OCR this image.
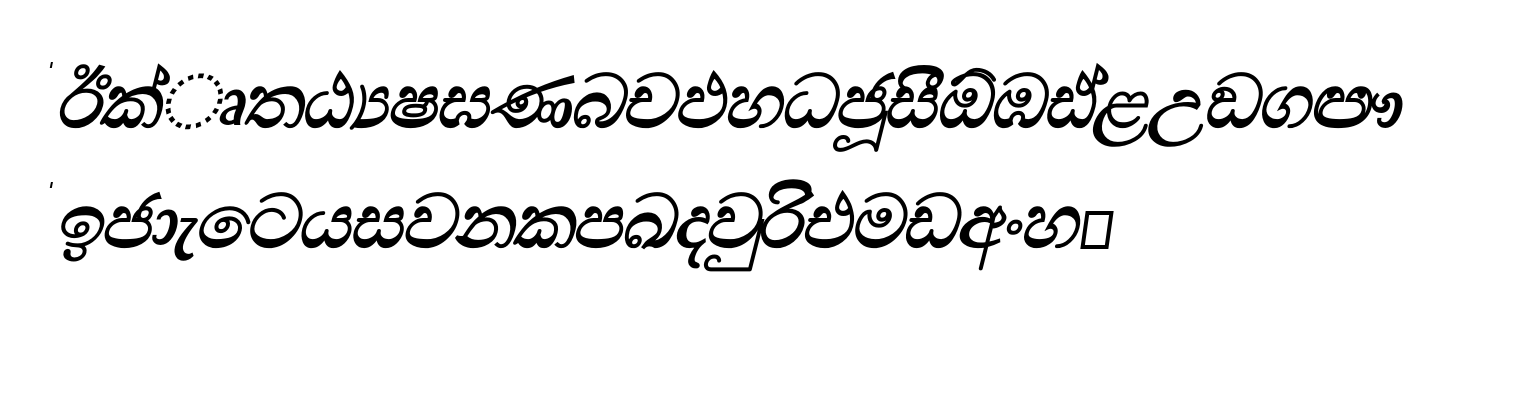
ˈ ඊක්‍ෘතඨ්‍යෂඝණබචඵහධජූසීඕඹඪ්ළඋඞගඐ
ˈ ඉජා‍ැටෙයසවනකපඛදවුරිඑමඩඅංහ
